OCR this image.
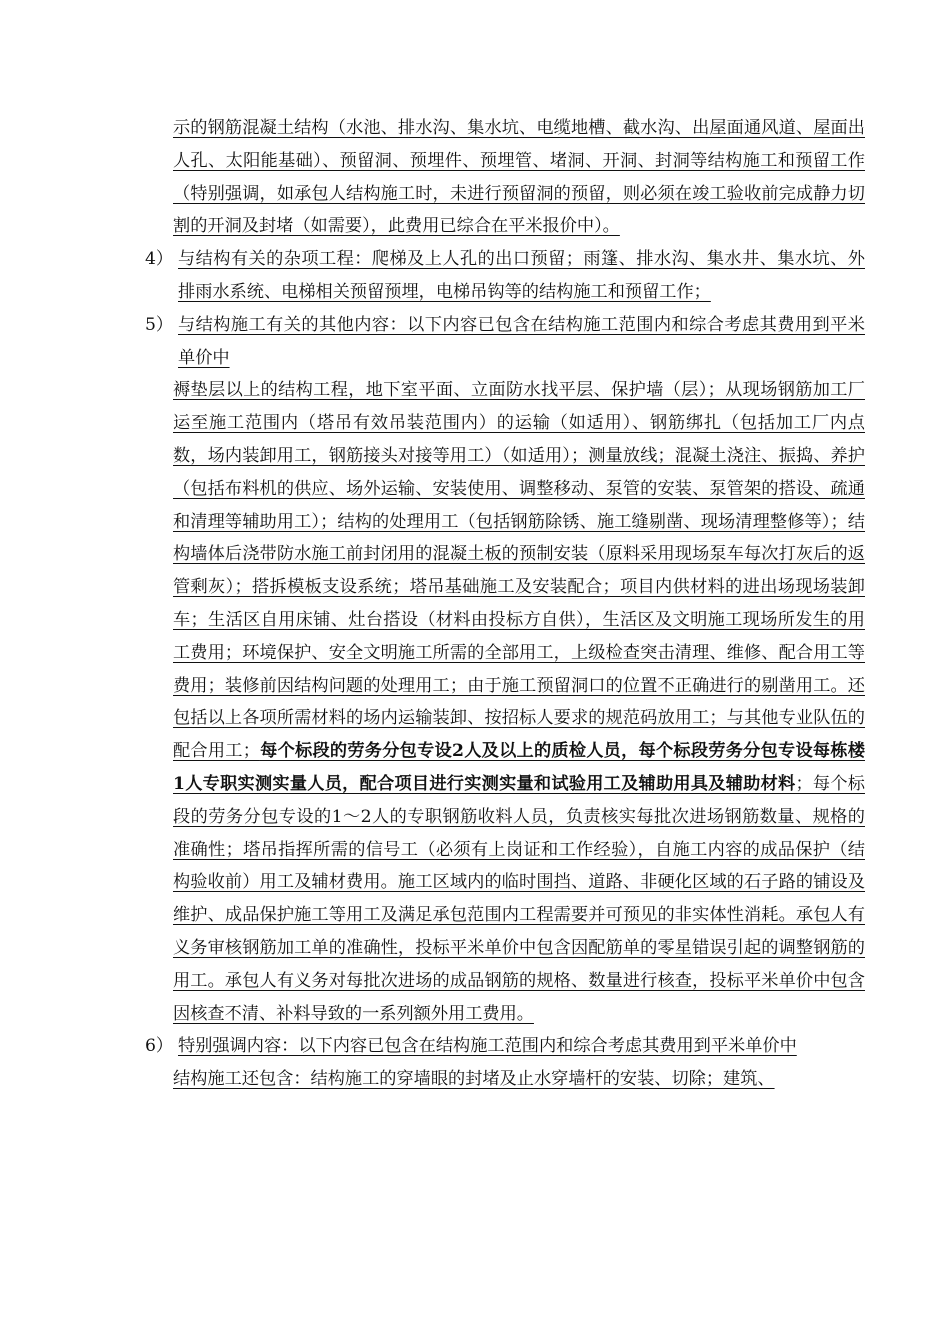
示的钢筋混凝土结构（水池、排水沟、集水坑、电缆地槽、截水沟、出屋面通风道、屋面出人孔、太阳能基础）、预留洞、预埋件、预埋管、堵洞、开洞、封洞等结构施工和预留工作（特别强调，如承包人结构施工时，未进行预留洞的预留，则必须在竣工验收前完成静力切割的开洞及封堵（如需要），此费用已综合在平米报价中）。

4） 与结构有关的杂项工程：爬梯及上人孔的出口预留；雨篷、排水沟、集水井、集水坑、外排雨水系统、电梯相关预留预埋，电梯吊钩等的结构施工和预留工作；

5） 与结构施工有关的其他内容：以下内容已包含在结构施工范围内和综合考虑其费用到平米单价中

褥垫层以上的结构工程，地下室平面、立面防水找平层、保护墙（层）；从现场钢筋加工厂运至施工范围内（塔吊有效吊装范围内）的运输（如适用）、钢筋绑扎（包括加工厂内点数，场内装卸用工，钢筋接头对接等用工）（如适用）；测量放线；混凝土浇注、振捣、养护（包括布料机的供应、场外运输、安装使用、调整移动、泵管的安装、泵管架的搭设、疏通和清理等辅助用工）；结构的处理用工（包括钢筋除锈、施工缝剔凿、现场清理整修等）；结构墙体后浇带防水施工前封闭用的混凝土板的预制安装（原料采用现场泵车每次打灰后的返管剩灰）；搭拆模板支设系统；塔吊基础施工及安装配合；项目内供材料的进出场现场装卸车；生活区自用床铺、灶台搭设（材料由投标方自供），生活区及文明施工现场所发生的用工费用；环境保护、安全文明施工所需的全部用工，上级检查突击清理、维修、配合用工等费用；装修前因结构问题的处理用工；由于施工预留洞口的位置不正确进行的剔凿用工。还包括以上各项所需材料的场内运输装卸、按招标人要求的规范码放用工；与其他专业队伍的配合用工；每个标段的劳务分包专设2人及以上的质检人员，每个标段劳务分包专设每栋楼1人专职实测实量人员，配合项目进行实测实量和试验用工及辅助用具及辅助材料；每个标段的劳务分包专设的1～2人的专职钢筋收料人员，负责核实每批次进场钢筋数量、规格的准确性；塔吊指挥所需的信号工（必须有上岗证和工作经验），自施工内容的成品保护（结构验收前）用工及辅材费用。施工区域内的临时围挡、道路、非硬化区域的石子路的铺设及维护、成品保护施工等用工及满足承包范围内工程需要并可预见的非实体性消耗。承包人有义务审核钢筋加工单的准确性，投标平米单价中包含因配筋单的零星错误引起的调整钢筋的用工。承包人有义务对每批次进场的成品钢筋的规格、数量进行核查，投标平米单价中包含因核查不清、补料导致的一系列额外用工费用。

6） 特别强调内容：以下内容已包含在结构施工范围内和综合考虑其费用到平米单价中

结构施工还包含：结构施工的穿墙眼的封堵及止水穿墙杆的安装、切除；建筑、
